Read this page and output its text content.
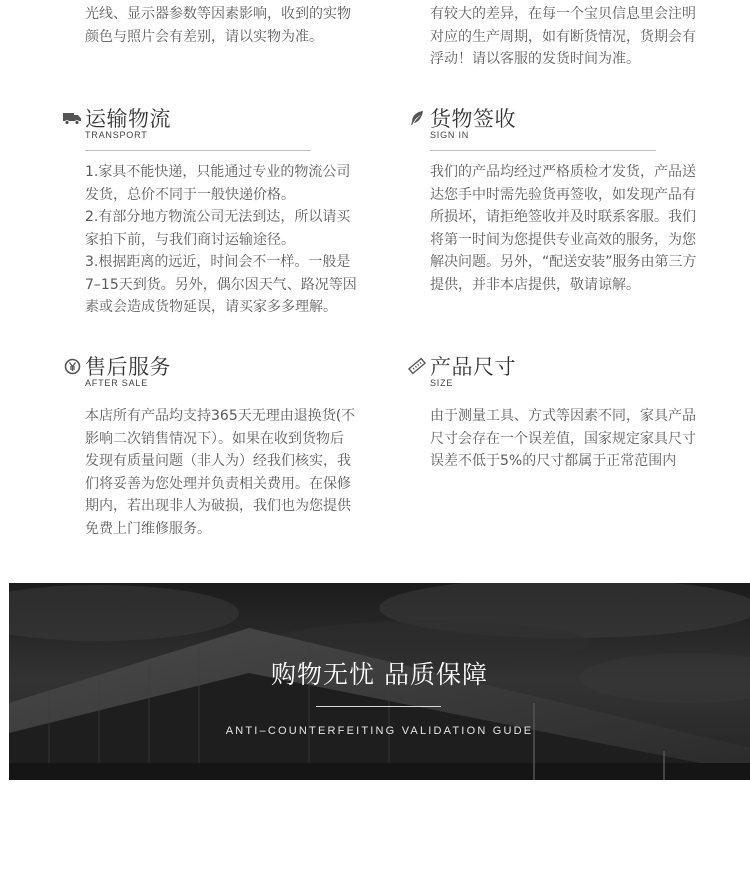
光线、显示器参数等因素影响，收到的实物
颜色与照片会有差别，请以实物为准。

有较大的差异，在每一个宝贝信息里会注明
对应的生产周期，如有断货情况，货期会有
浮动！请以客服的发货时间为准。

运输物流
TRANSPORT

1.家具不能快递，只能通过专业的物流公司
发货，总价不同于一般快递价格。
2.有部分地方物流公司无法到达，所以请买
家拍下前，与我们商讨运输途径。
3.根据距离的远近，时间会不一样。一般是
7–15天到货。另外，偶尔因天气、路况等因
素或会造成货物延误，请买家多多理解。

货物签收
SIGN IN

我们的产品均经过严格质检才发货，产品送
达您手中时需先验货再签收，如发现产品有
所损坏，请拒绝签收并及时联系客服。我们
将第一时间为您提供专业高效的服务，为您
解决问题。另外，“配送安装”服务由第三方
提供，并非本店提供，敬请谅解。

售后服务
AFTER SALE

本店所有产品均支持365天无理由退换货(不
影响二次销售情况下）。如果在收到货物后
发现有质量问题（非人为）经我们核实，我
们将妥善为您处理并负责相关费用。在保修
期内，若出现非人为破损，我们也为您提供
免费上门维修服务。

产品尺寸
SIZE

由于测量工具、方式等因素不同，家具产品
尺寸会存在一个误差值，国家规定家具尺寸
误差不低于5%的尺寸都属于正常范围内

购物无忧 品质保障
ANTI–COUNTERFEITING VALIDATION GUDE
